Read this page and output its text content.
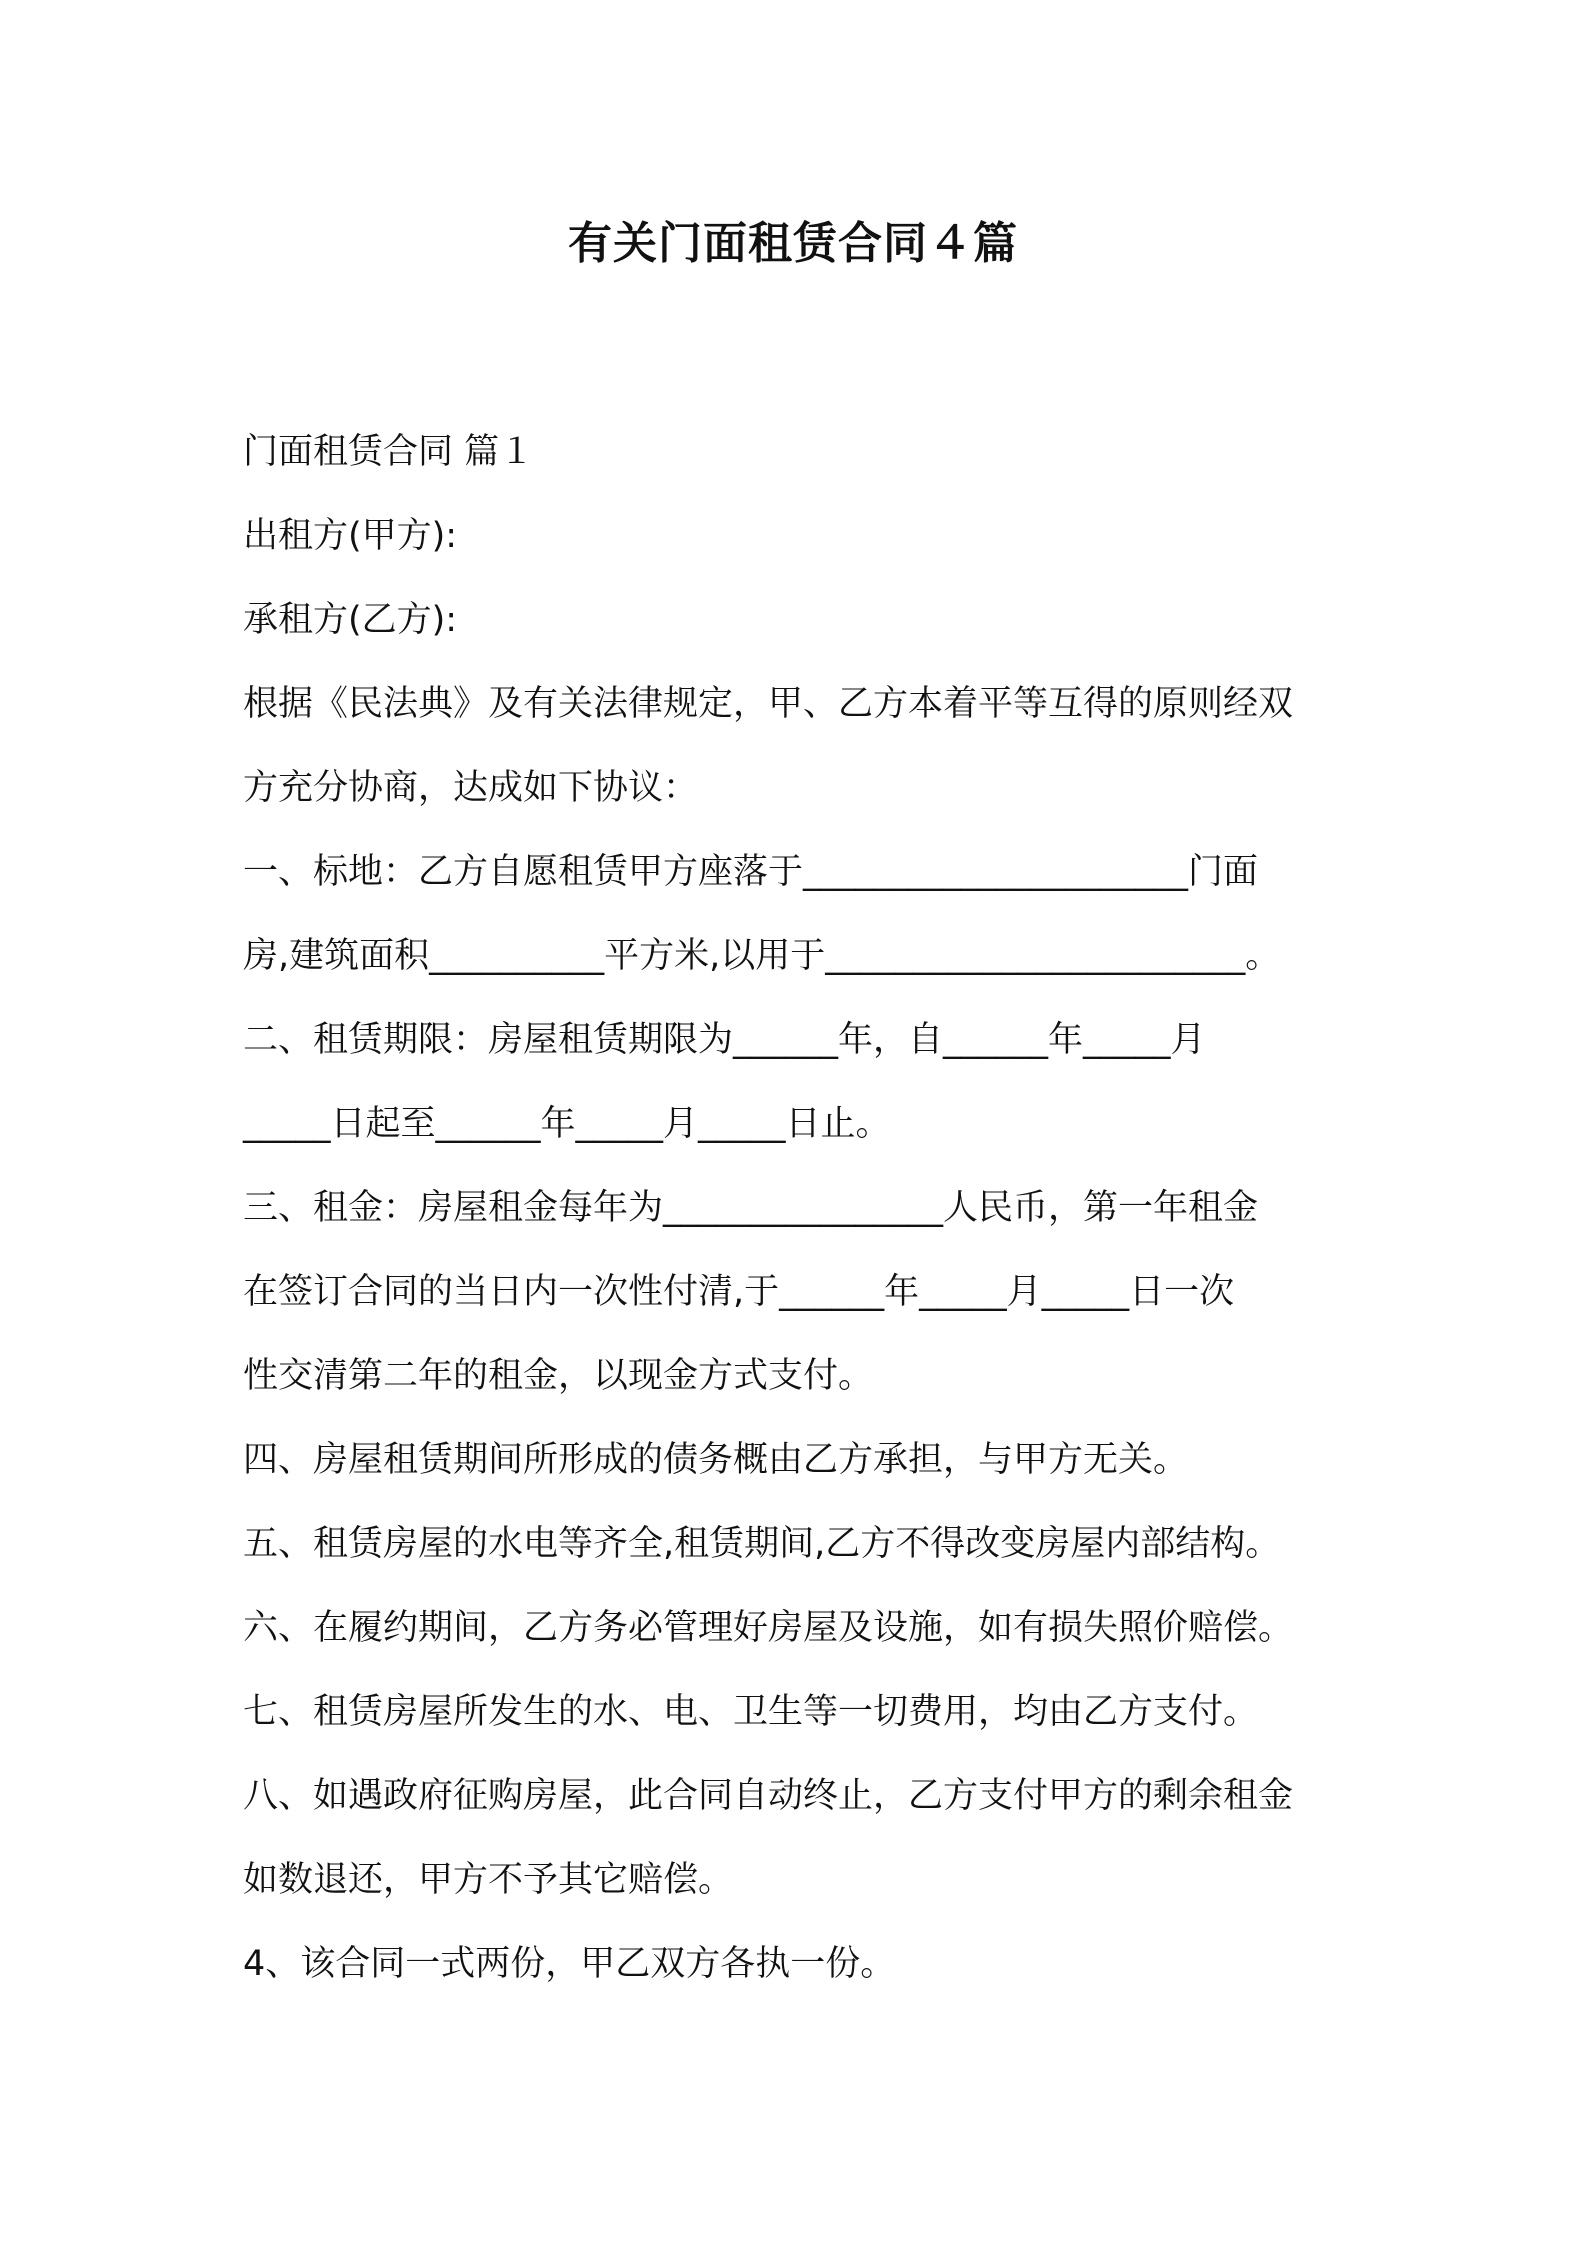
有关门面租赁合同４篇
门面租赁合同 篇１
出租方(甲方):
承租方(乙方):
根据《民法典》及有关法律规定，甲、乙方本着平等互得的原则经双
方充分协商，达成如下协议：
一、标地：乙方自愿租赁甲方座落于______________________门面
房,建筑面积__________平方米,以用于________________________。
二、租赁期限：房屋租赁期限为______年，自______年_____月
_____日起至______年_____月_____日止。
三、租金：房屋租金每年为________________人民币，第一年租金
在签订合同的当日内一次性付清,于______年_____月_____日一次
性交清第二年的租金，以现金方式支付。
四、房屋租赁期间所形成的债务概由乙方承担，与甲方无关。
五、租赁房屋的水电等齐全,租赁期间,乙方不得改变房屋内部结构。
六、在履约期间，乙方务必管理好房屋及设施，如有损失照价赔偿。
七、租赁房屋所发生的水、电、卫生等一切费用，均由乙方支付。
八、如遇政府征购房屋，此合同自动终止，乙方支付甲方的剩余租金
如数退还，甲方不予其它赔偿。
4、该合同一式两份，甲乙双方各执一份。
